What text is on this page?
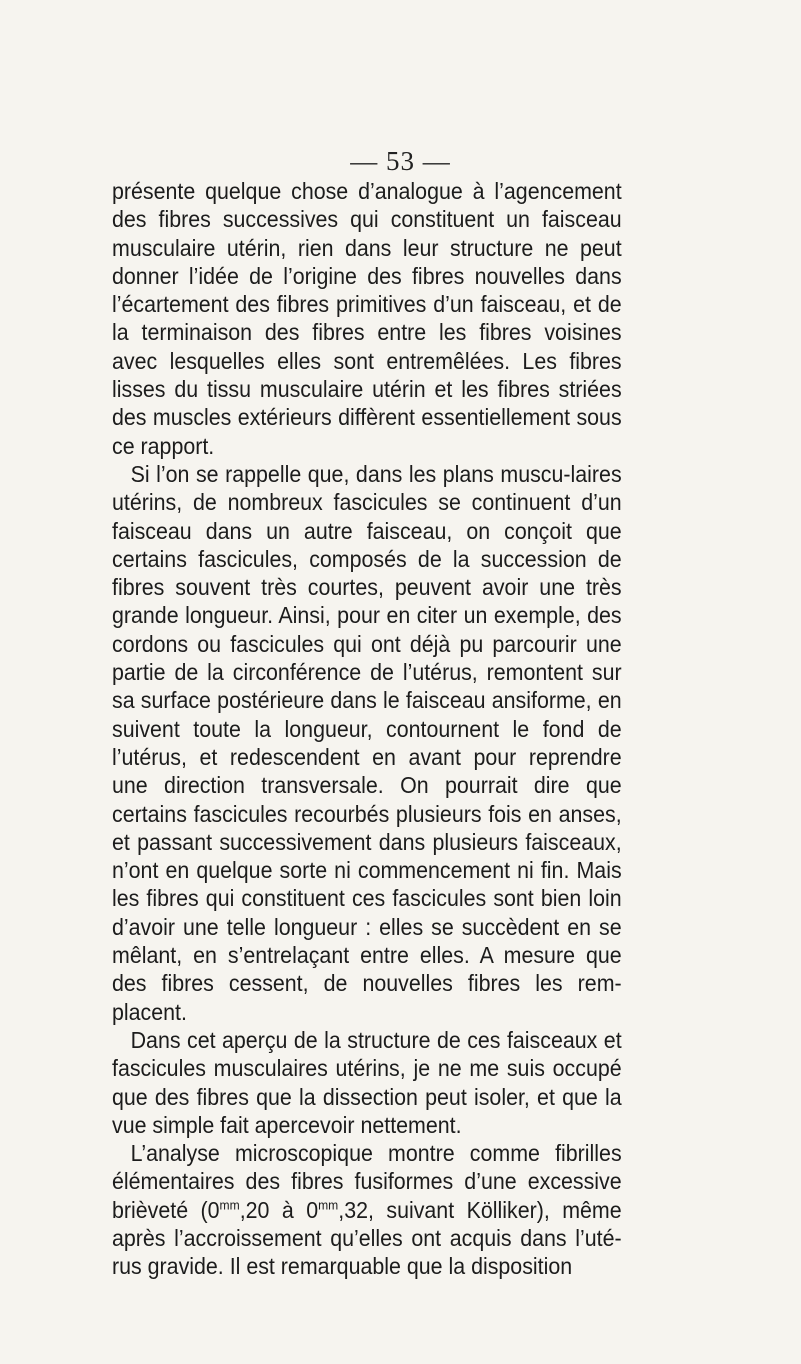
— 53 —

présente quelque chose d’analogue à l’agencement des fibres successives qui constituent un faisceau musculaire utérin, rien dans leur structure ne peut donner l’idée de l’origine des fibres nouvelles dans l’écartement des fibres primitives d’un faisceau, et de la terminaison des fibres entre les fibres voisines avec lesquelles elles sont entremêlées. Les fibres lisses du tissu musculaire utérin et les fibres striées des muscles extérieurs diffèrent essentiellement sous ce rapport.

Si l’on se rappelle que, dans les plans muscu-laires utérins, de nombreux fascicules se continuent d’un faisceau dans un autre faisceau, on conçoit que certains fascicules, composés de la succession de fibres souvent très courtes, peuvent avoir une très grande longueur. Ainsi, pour en citer un exemple, des cordons ou fascicules qui ont déjà pu parcourir une partie de la circonférence de l’utérus, remontent sur sa surface postérieure dans le faisceau ansiforme, en suivent toute la longueur, contournent le fond de l’utérus, et redescendent en avant pour reprendre une direction transversale. On pourrait dire que certains fascicules recourbés plusieurs fois en anses, et passant successivement dans plusieurs faisceaux, n’ont en quelque sorte ni commencement ni fin. Mais les fibres qui constituent ces fascicules sont bien loin d’avoir une telle longueur : elles se succèdent en se mêlant, en s’entrelaçant entre elles. A mesure que des fibres cessent, de nouvelles fibres les rem-placent.

Dans cet aperçu de la structure de ces faisceaux et fascicules musculaires utérins, je ne me suis occupé que des fibres que la dissection peut isoler, et que la vue simple fait apercevoir nettement.

L’analyse microscopique montre comme fibrilles élémentaires des fibres fusiformes d’une excessive brièveté ($0^{mm},20$ à $0^{mm},32$, suivant Kölliker), même après l’accroissement qu’elles ont acquis dans l’uté-rus gravide. Il est remarquable que la disposition
